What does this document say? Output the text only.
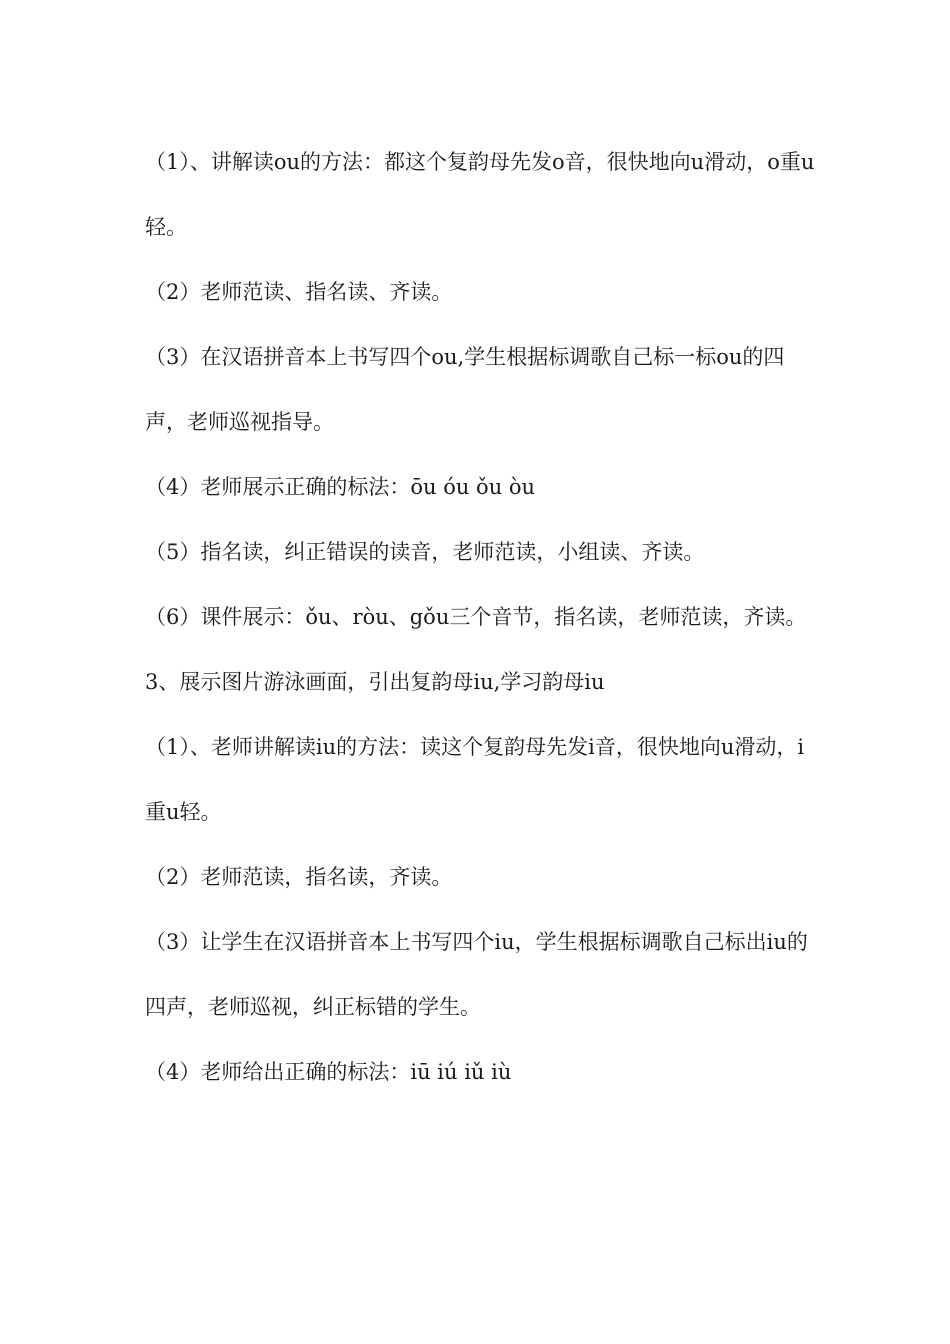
（1）、讲解读ou的方法：都这个复韵母先发o音，很快地向u滑动，o重u轻。

（2）老师范读、指名读、齐读。

（3）在汉语拼音本上书写四个ou,学生根据标调歌自己标一标ou的四声，老师巡视指导。

（4）老师展示正确的标法：ōu óu ǒu òu

（5）指名读，纠正错误的读音，老师范读，小组读、齐读。

（6）课件展示：ǒu、ròu、gǒu三个音节，指名读，老师范读，齐读。

3、展示图片游泳画面，引出复韵母iu,学习韵母iu

（1）、老师讲解读iu的方法：读这个复韵母先发i音，很快地向u滑动，i重u轻。

（2）老师范读，指名读，齐读。

（3）让学生在汉语拼音本上书写四个iu，学生根据标调歌自己标出iu的四声，老师巡视，纠正标错的学生。

（4）老师给出正确的标法：iū iú iǔ iù
